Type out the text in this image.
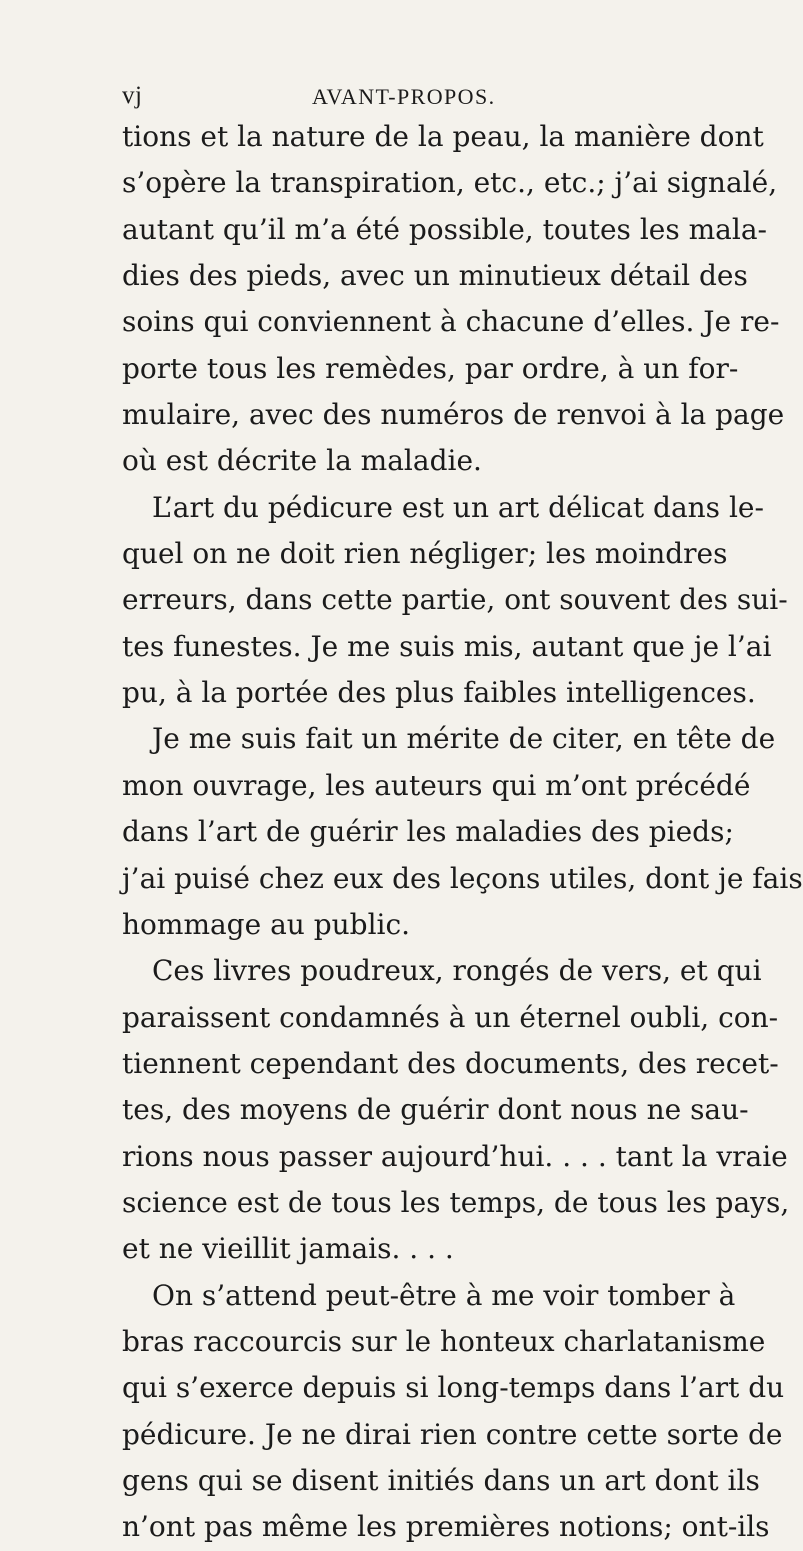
vj	AVANT-PROPOS.
tions et la nature de la peau, la manière dont
s’opère la transpiration, etc., etc.; j’ai signalé,
autant qu’il m’a été possible, toutes les mala-
dies des pieds, avec un minutieux détail des
soins qui conviennent à chacune d’elles. Je re-
porte tous les remèdes, par ordre, à un for-
mulaire, avec des numéros de renvoi à la page
où est décrite la maladie.
L’art du pédicure est un art délicat dans le-
quel on ne doit rien négliger; les moindres
erreurs, dans cette partie, ont souvent des sui-
tes funestes. Je me suis mis, autant que je l’ai
pu, à la portée des plus faibles intelligences.
Je me suis fait un mérite de citer, en tête de
mon ouvrage, les auteurs qui m’ont précédé
dans l’art de guérir les maladies des pieds;
j’ai puisé chez eux des leçons utiles, dont je fais
hommage au public.
Ces livres poudreux, rongés de vers, et qui
paraissent condamnés à un éternel oubli, con-
tiennent cependant des documents, des recet-
tes, des moyens de guérir dont nous ne sau-
rions nous passer aujourd’hui. . . . tant la vraie
science est de tous les temps, de tous les pays,
et ne vieillit jamais. . . .
On s’attend peut-être à me voir tomber à
bras raccourcis sur le honteux charlatanisme
qui s’exerce depuis si long-temps dans l’art du
pédicure. Je ne dirai rien contre cette sorte de
gens qui se disent initiés dans un art dont ils
n’ont pas même les premières notions; ont-ils
